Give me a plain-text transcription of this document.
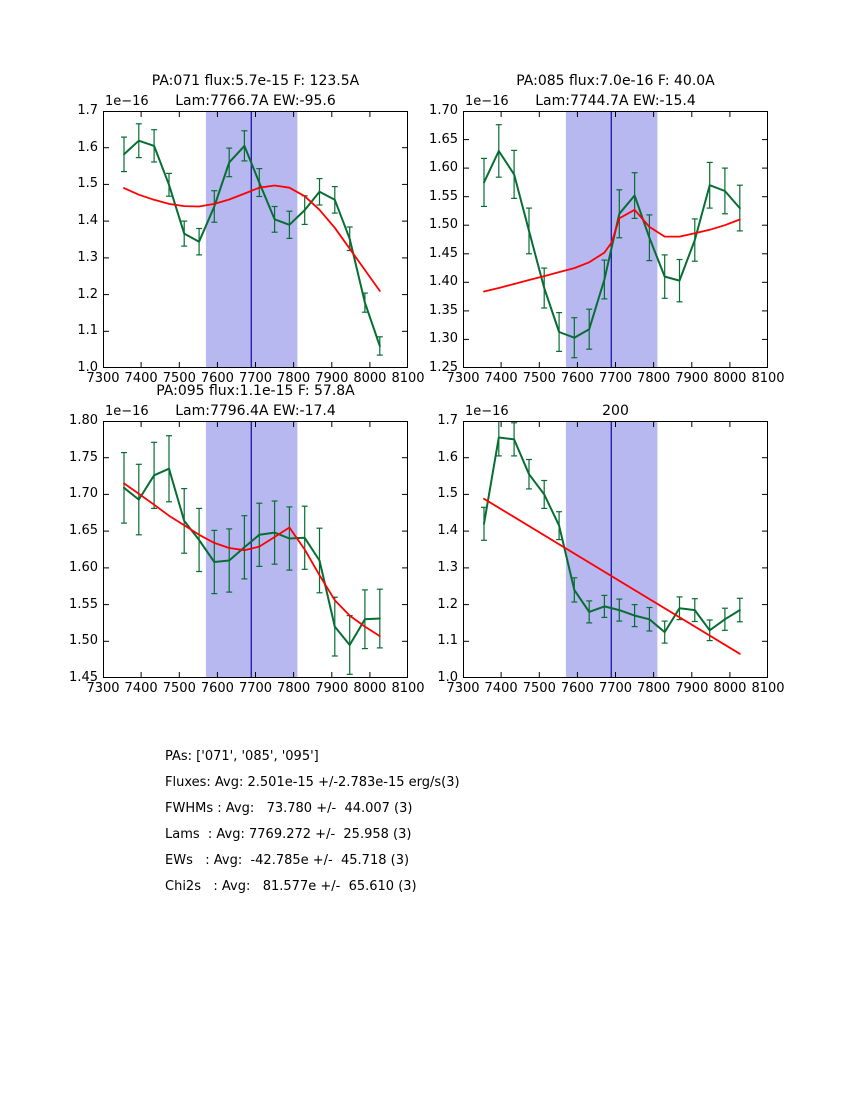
PA:071 flux:5.7e-15 F: 123.5A
Lam:7766.7A EW:-95.6
1e−16
7300 7400 7500 7600 7700 7800 7900 8000 8100
1.0
1.1
1.2
1.3
1.4
1.5
1.6
1.7
PA:085 flux:7.0e-16 F: 40.0A
Lam:7744.7A EW:-15.4
1e−16
7300 7400 7500 7600 7700 7800 7900 8000 8100
1.25
1.30
1.35
1.40
1.45
1.50
1.55
1.60
1.65
1.70
PA:095 flux:1.1e-15 F: 57.8A
Lam:7796.4A EW:-17.4
1e−16
7300 7400 7500 7600 7700 7800 7900 8000 8100
1.45
1.50
1.55
1.60
1.65
1.70
1.75
1.80
200
1e−16
7300 7400 7500 7600 7700 7800 7900 8000 8100
1.0
1.1
1.2
1.3
1.4
1.5
1.6
1.7
PAs: ['071', '085', '095']
Fluxes: Avg: 2.501e-15 +/-2.783e-15 erg/s(3)
FWHMs : Avg:   73.780 +/-  44.007 (3)
Lams  : Avg: 7769.272 +/-  25.958 (3)
EWs   : Avg:  -42.785e +/-  45.718 (3)
Chi2s   : Avg:   81.577e +/-  65.610 (3)
